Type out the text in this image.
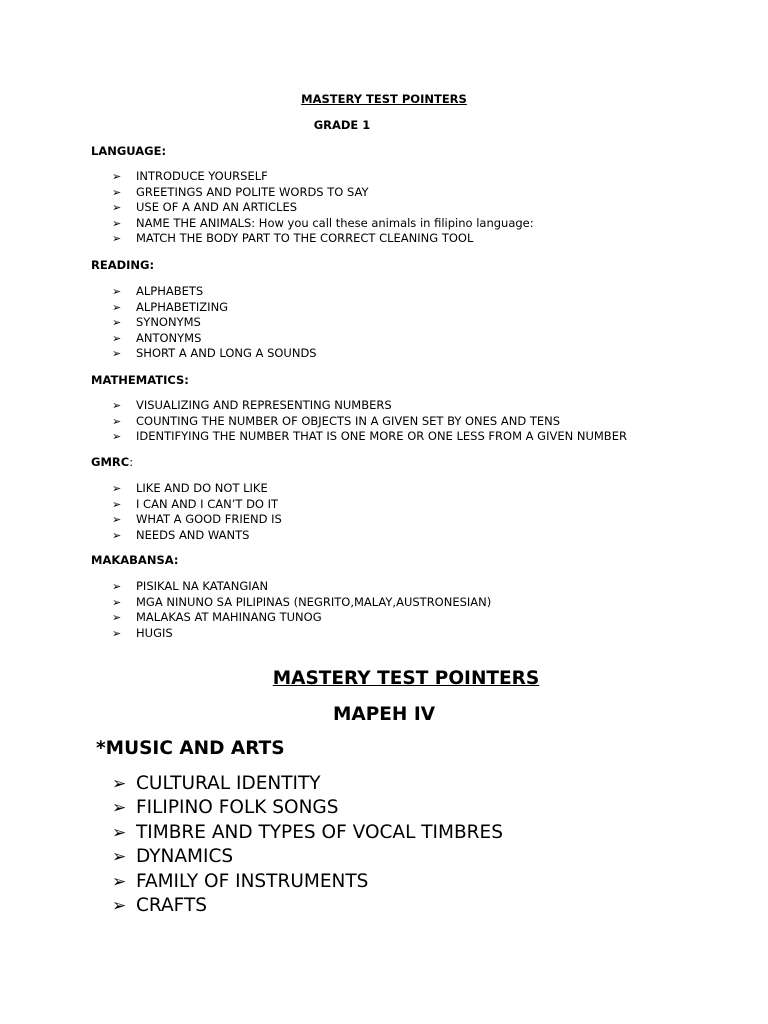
MASTERY TEST POINTERS

GRADE 1

LANGUAGE:

➢ INTRODUCE YOURSELF
➢ GREETINGS AND POLITE WORDS TO SAY
➢ USE OF A AND AN ARTICLES
➢ NAME THE ANIMALS: How you call these animals in filipino language:
➢ MATCH THE BODY PART TO THE CORRECT CLEANING TOOL

READING:

➢ ALPHABETS
➢ ALPHABETIZING
➢ SYNONYMS
➢ ANTONYMS
➢ SHORT A AND LONG A SOUNDS

MATHEMATICS:

➢ VISUALIZING AND REPRESENTING NUMBERS
➢ COUNTING THE NUMBER OF OBJECTS IN A GIVEN SET BY ONES AND TENS
➢ IDENTIFYING THE NUMBER THAT IS ONE MORE OR ONE LESS FROM A GIVEN NUMBER

GMRC:

➢ LIKE AND DO NOT LIKE
➢ I CAN AND I CAN’T DO IT
➢ WHAT A GOOD FRIEND IS
➢ NEEDS AND WANTS

MAKABANSA:

➢ PISIKAL NA KATANGIAN
➢ MGA NINUNO SA PILIPINAS (NEGRITO,MALAY,AUSTRONESIAN)
➢ MALAKAS AT MAHINANG TUNOG
➢ HUGIS

MASTERY TEST POINTERS

MAPEH IV

*MUSIC AND ARTS

➢ CULTURAL IDENTITY
➢ FILIPINO FOLK SONGS
➢ TIMBRE AND TYPES OF VOCAL TIMBRES
➢ DYNAMICS
➢ FAMILY OF INSTRUMENTS
➢ CRAFTS
